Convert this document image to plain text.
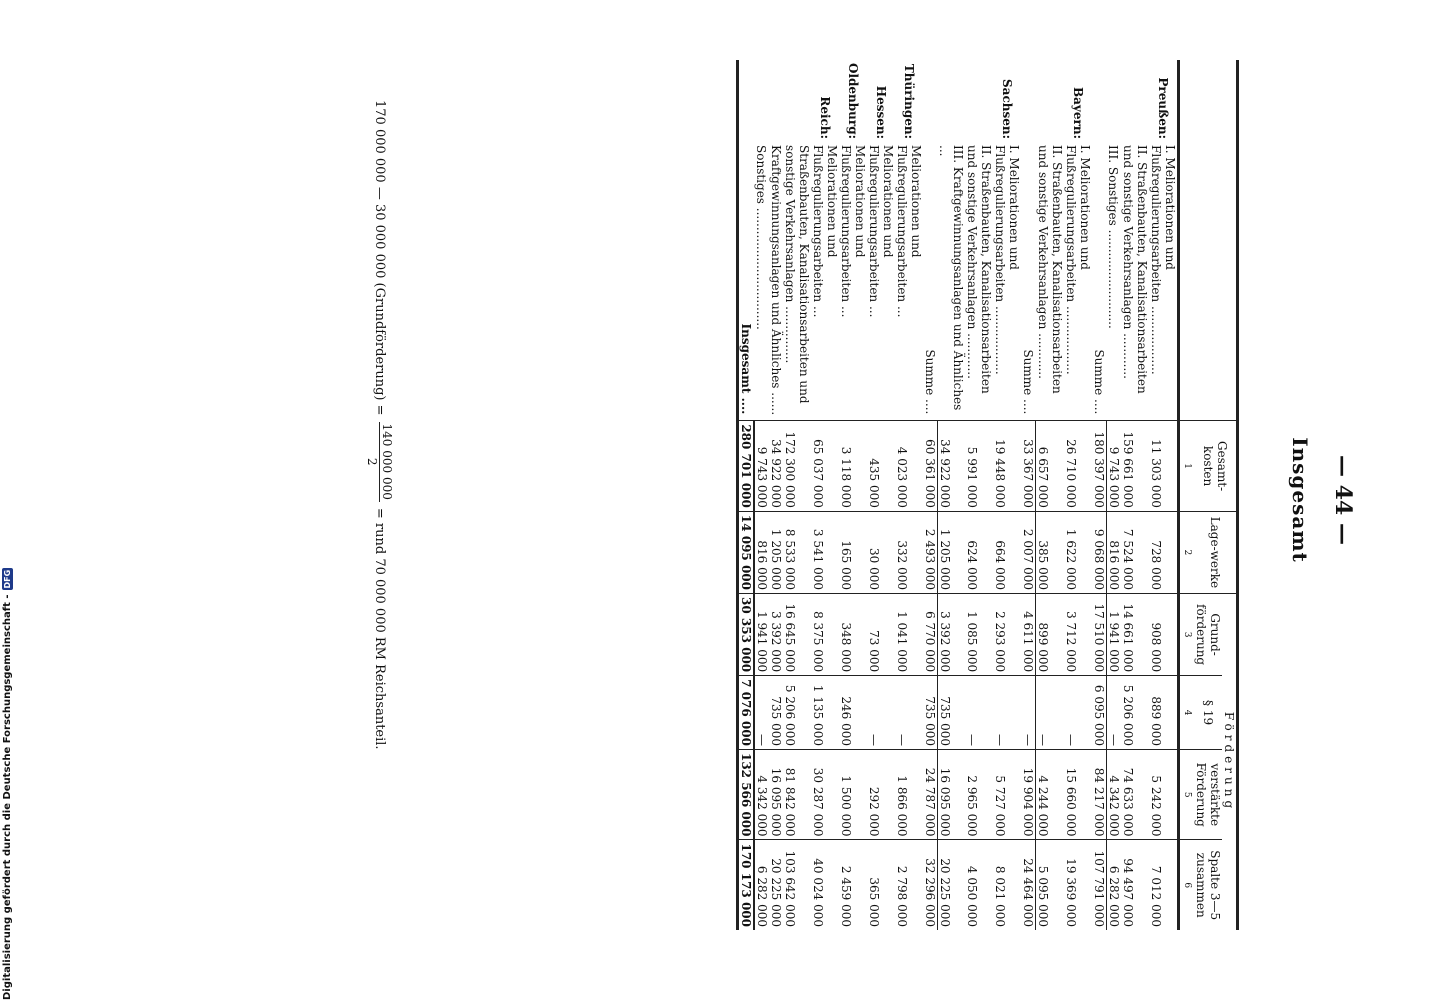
— 44 —
Insgesamt
		Gesamt-kosten	Lage-werke	Förderung			
				Grund-förderung	§ 19	verstärkte Förderung	Spalte 3—5 zusammen
		1	2	3	4	5	6
Preußen:	I. Meliorationen und Flußregulierungsarbeiten ..................	11 303 000	728 000	908 000	889 000	5 242 000	7 012 000
	II. Straßenbauten, Kanalisationsarbeiten und sonstige Verkehrsanlagen ............	159 661 000	7 524 000	14 661 000	5 206 000	74 633 000	94 497 000
	III. Sonstiges ..........................	9 743 000	816 000	1 941 000	—	4 342 000	6 282 000
	Summe ....	180 397 000	9 068 000	17 510 000	6 095 000	84 217 000	107 791 000
Bayern:	I. Meliorationen und Flußregulierungsarbeiten ..................	26 710 000	1 622 000	3 712 000	—	15 660 000	19 369 000
	II. Straßenbauten, Kanalisationsarbeiten und sonstige Verkehrsanlagen ............	6 657 000	385 000	899 000	—	4 244 000	5 095 000
	Summe ....	33 367 000	2 007 000	4 611 000	—	19 904 000	24 464 000
Sachsen:	I. Meliorationen und Flußregulierungsarbeiten ..................	19 448 000	664 000	2 293 000	—	5 727 000	8 021 000
	II. Straßenbauten, Kanalisationsarbeiten und sonstige Verkehrsanlagen ............	5 991 000	624 000	1 085 000	—	2 965 000	4 050 000
	III. Kraftgewinnungsanlagen und Ähnliches ...	34 922 000	1 205 000	3 392 000	735 000	16 095 000	20 225 000
	Summe ....	60 361 000	2 493 000	6 770 000	735 000	24 787 000	32 296 000
Thüringen:	Meliorationen und Flußregulierungsarbeiten ...	4 023 000	332 000	1 041 000	—	1 866 000	2 798 000
Hessen:	Meliorationen und Flußregulierungsarbeiten ...	435 000	30 000	73 000	—	292 000	365 000
Oldenburg:	Meliorationen und Flußregulierungsarbeiten ...	3 118 000	165 000	348 000	246 000	1 500 000	2 459 000
Reich:	Meliorationen und Flußregulierungsarbeiten ...	65 037 000	3 541 000	8 375 000	1 135 000	30 287 000	40 024 000
	Straßenbauten, Kanalisationsarbeiten und sonstige Verkehrsanlagen ...............	172 300 000	8 533 000	16 645 000	5 206 000	81 842 000	103 642 000
	Kraftgewinnungsanlagen und Ähnliches ......	34 922 000	1 205 000	3 392 000	735 000	16 095 000	20 225 000
	Sonstiges ................................	9 743 000	816 000	1 941 000	—	4 342 000	6 282 000
	Insgesamt ....	280 701 000	14 095 000	30 353 000	7 076 000	132 566 000	170 173 000
170 000 000 — 30 000 000 (Grundförderung) =
140 000 000
2
= rund 70 000 000 RM Reichsanteil.
Digitalisierung gefördert durch die Deutsche Forschungsgemeinschaft -
DFG
